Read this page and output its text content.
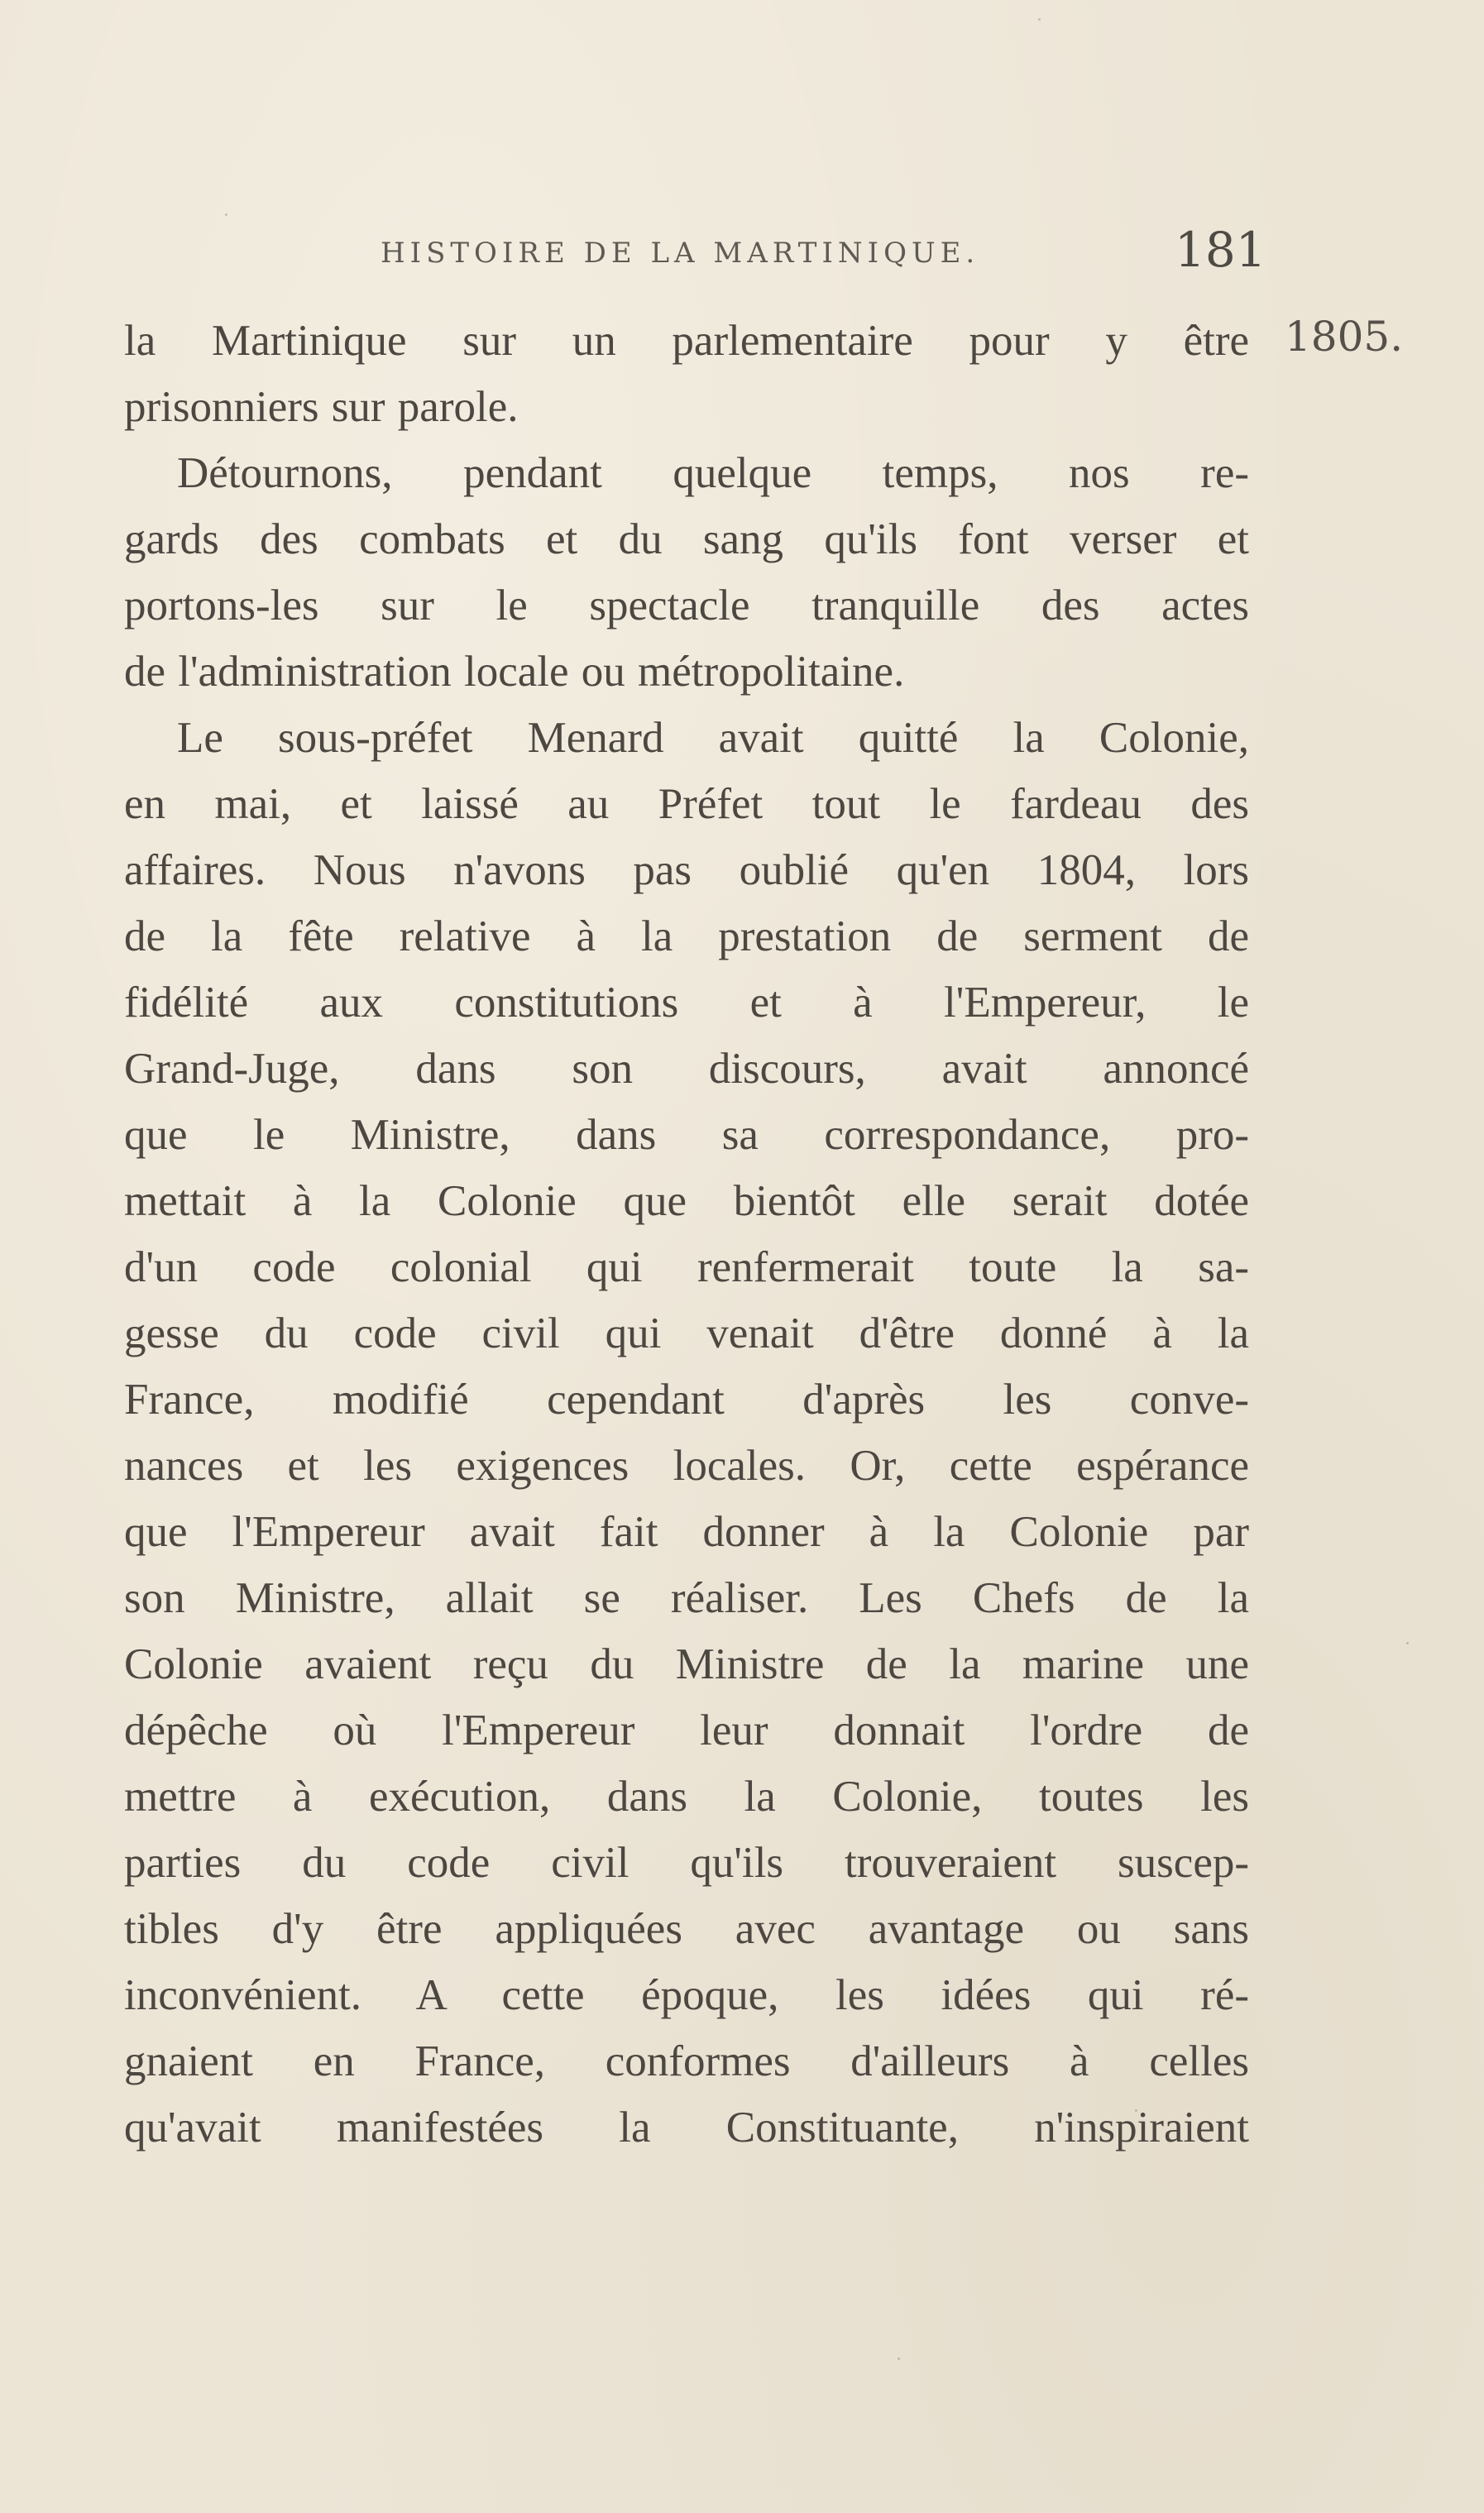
HISTOIRE DE LA MARTINIQUE.	181
1805.
la Martinique sur un parlementaire pour y être
prisonniers sur parole.
Détournons, pendant quelque temps, nos re-
gards des combats et du sang qu'ils font verser et
portons-les sur le spectacle tranquille des actes
de l'administration locale ou métropolitaine.
Le sous-préfet Menard avait quitté la Colonie,
en mai, et laissé au Préfet tout le fardeau des
affaires. Nous n'avons pas oublié qu'en 1804, lors
de la fête relative à la prestation de serment de
fidélité aux constitutions et à l'Empereur, le
Grand-Juge, dans son discours, avait annoncé
que le Ministre, dans sa correspondance, pro-
mettait à la Colonie que bientôt elle serait dotée
d'un code colonial qui renfermerait toute la sa-
gesse du code civil qui venait d'être donné à la
France, modifié cependant d'après les conve-
nances et les exigences locales. Or, cette espérance
que l'Empereur avait fait donner à la Colonie par
son Ministre, allait se réaliser. Les Chefs de la
Colonie avaient reçu du Ministre de la marine une
dépêche où l'Empereur leur donnait l'ordre de
mettre à exécution, dans la Colonie, toutes les
parties du code civil qu'ils trouveraient suscep-
tibles d'y être appliquées avec avantage ou sans
inconvénient. A cette époque, les idées qui ré-
gnaient en France, conformes d'ailleurs à celles
qu'avait manifestées la Constituante, n'inspiraient
